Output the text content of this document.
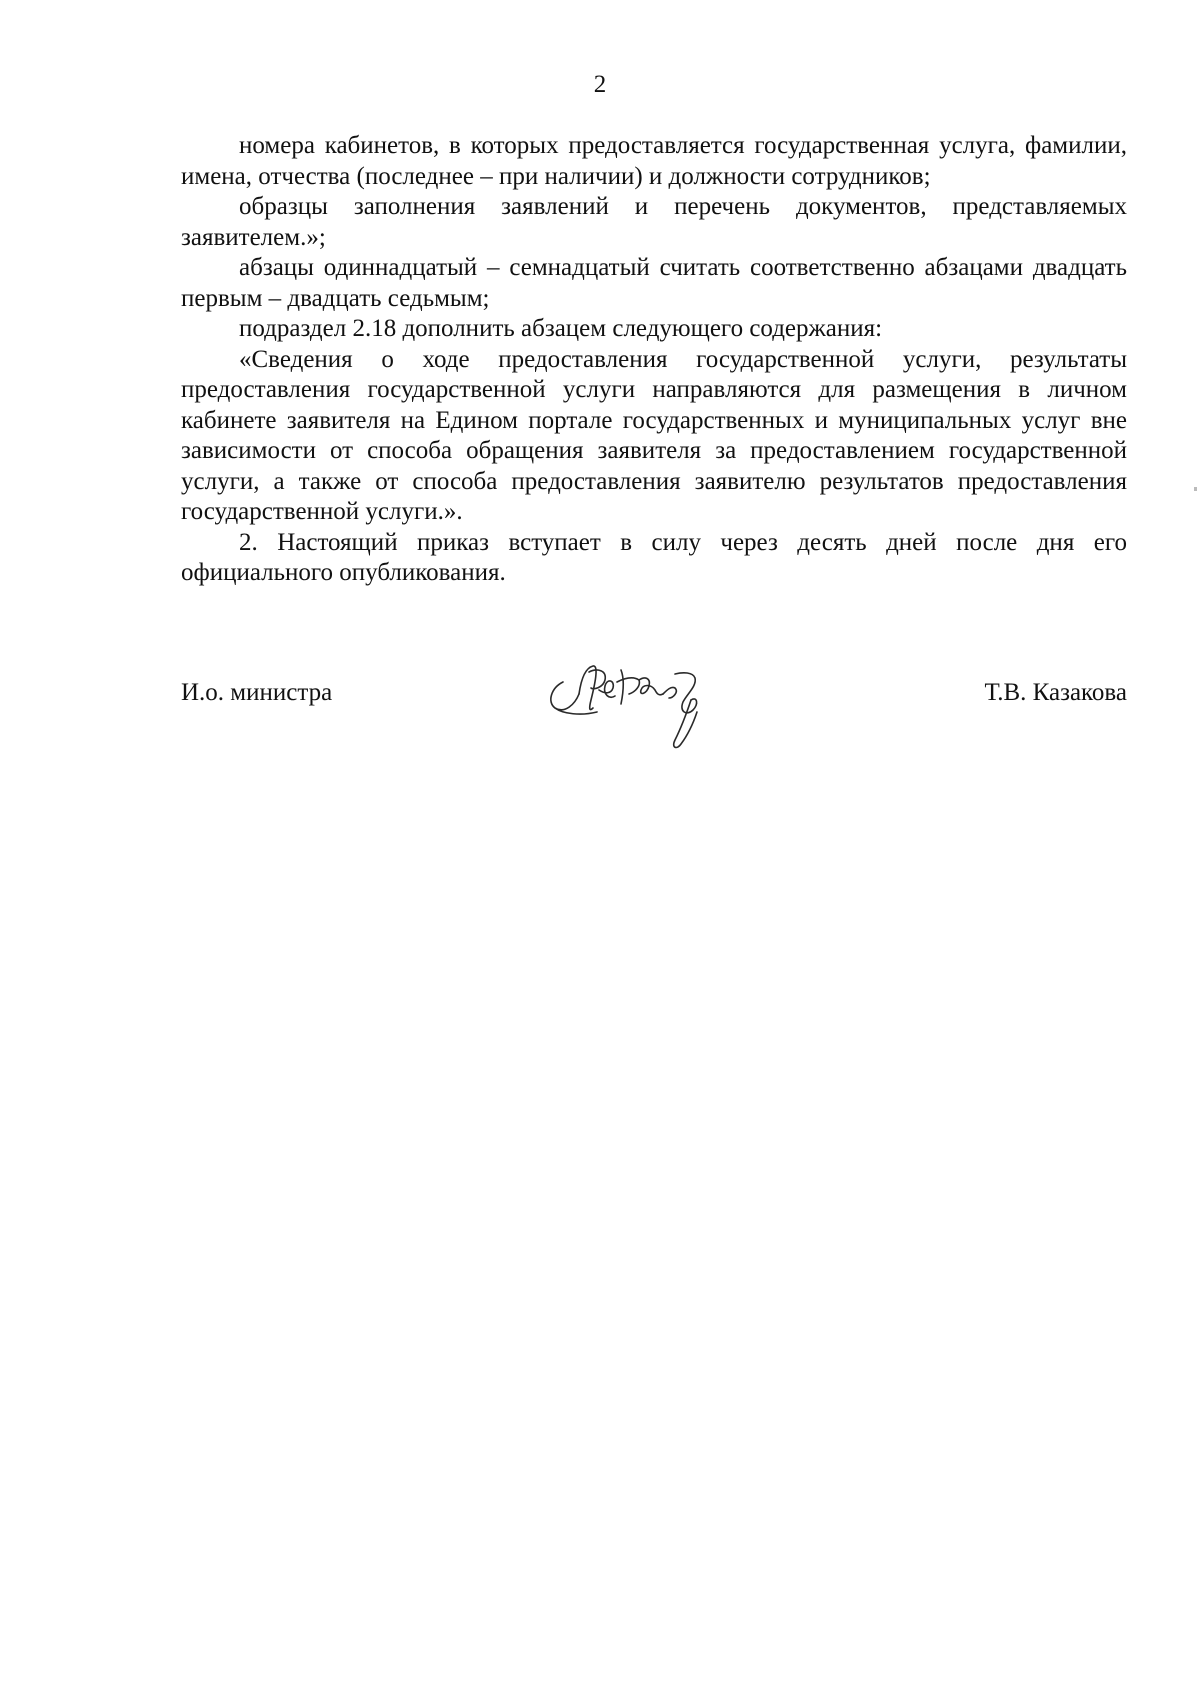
2

номера кабинетов, в которых предоставляется государственная услуга, фамилии, имена, отчества (последнее – при наличии) и должности сотрудников;

образцы заполнения заявлений и перечень документов, представляемых заявителем.»;

абзацы одиннадцатый – семнадцатый считать соответственно абзацами двадцать первым – двадцать седьмым;

подраздел 2.18 дополнить абзацем следующего содержания:

«Сведения о ходе предоставления государственной услуги, результаты предоставления государственной услуги направляются для размещения в личном кабинете заявителя на Едином портале государственных и муниципальных услуг вне зависимости от способа обращения заявителя за предоставлением государственной услуги, а также от способа предоставления заявителю результатов предоставления государственной услуги.».

2. Настоящий приказ вступает в силу через десять дней после дня его официального опубликования.

И.о. министра	Т.В. Казакова
